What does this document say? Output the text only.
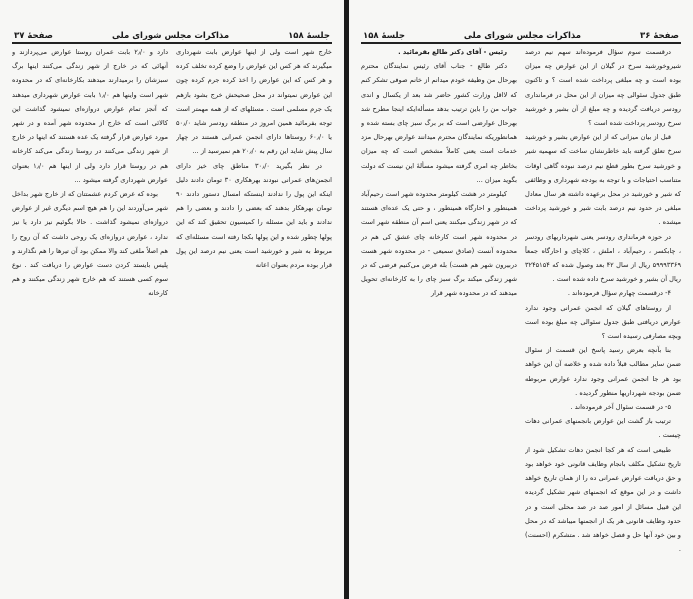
جلسهٔ ۱۵۸
مذاکرات مجلس شورای ملی
صفحهٔ ۳۷

خارج شهر است ولی از اینها عوارض بابت شهرداری میگیرند که هر کس این عوارض را وضع کرده تخلف کرده و هر کس که این عوارض را اخذ کرده جرم کرده چون این عوارض نمیتواند در محل صحیحش خرج بشود بازهم یک جرم مسلمی است . مسئلهای که از همه مهمتر است توجه بفرمائید همین امروز در منطقه رودسر شاید ۵۰٫/۰ یا ۶۰٫/۰ روستاها دارای انجمن عمرانی هستند در چهار سال پیش شاید این رقم به ۲۰٫/۰ هم نمیرسید از ...

در نظر بگیرید ۳۰٫/۰ مناطق چای خیز دارای انجمن‌های عمرانی نبودند بهرهکاری ۳۰ تومان دادند دلیل اینکه این پول را ندادند اینستکه امسال دستور دادند ۹۰ تومان بهرهکار بدهند که بعضی را دادند و بعضی را هم ندادند و باید این مسئله را کمیسیون تحقیق کند که این پولها چطور شده و این پولها بکجا رفته است مسئله‌ای که مربوط به شیر و خورشید است یعنی نیم درصد این پول قرار بوده مردم بعنوان اعانه

دارد و ۲٫/۰ بابت عمران روستا عوارض می‌پردازند و آنهائی که در خارج از شهر زندگی می‌کنند اینها برگ سبزشان را برمیدارند میدهند بکارخانه‌ای که در محدوده شهر است واینها هم ۱٫/۰ بابت عوارض شهرداری میدهند که آنجز تمام عوارض دروازه‌ای نمیشود گذاشت این کالائی است که خارج از محدوده شهر آمده و در شهر مورد عوارض قرار گرفته یک عده هستند که اینها در خارج از شهر زندگی می‌کنند در روستا زندگی می‌کند کارخانه هم در روستا قرار دارد ولی از اینها هم ۱٫/۰ بعنوان عوارض شهرداری گرفته میشود ...

بوده که عرض کردم عشمتتان که از خارج شهر بداخل شهر می‌آوردند این را هم هیچ اسم دیگری غیر از عوارض دروازه‌ای نمیشود گذاشت . حالا بگوئیم نیز دارد یا نیز ندارد ، عوارض دروازه‌ای یک روحی داشت که آن روح را هم اصلاً ملغی کند والا ممکن بود آن تیرها را هم نگذارند و پلیس بایستد کردن دست عوارض را دریافت کند . نوع سوم کسی هستند که هم خارج شهر زندگی میکنند و هم کارخانه

صفحهٔ ۳۶
مذاکرات مجلس شورای ملی
جلسهٔ ۱۵۸

درقسمت سوم سؤال فرموده‌اند سهم نیم درصد شیروخورشید سرخ در گیلان از این عوارض چه میزان بوده است و چه مبلغی پرداخت شده است ؟ و تاکنون طبق جدول سئوالی چه میزان از این محل در فرمانداری رودسر دریافت گردیده و چه مبلغ از آن بشیر و خورشید سرخ رودسر پرداخت شده است ؟

قبل از بیان میزانی که از این عوارض بشیر و خورشید سرخ تعلق گرفته باید خاطرنشان ساخت که سهمیه شیر و خورشید سرخ بطور قطع نیم درصد نبوده گاهی اوقات متناسب احتیاجات و با توجه به بودجه شهرداری و وظائفی که شیر و خورشید در محل برعهده داشته هر سال معادل مبلغی در حدود نیم درصد بابت شیر و خورشید پرداخت میشده .

در حوزه فرمانداری رودسر یعنی شهرداریهای رودسر ، چابکسر ، رحیم‌آباد ، املش ، کلاچای و احارگاه جمعاً ۵۹۹۹۳۳۶۹ ریال از سال ۴۲ بعد وصول شده که ۳۲۴۵۱۵۴ ریال آن بشیر و خورشید سرخ داده شده است .

۴- درقسمت چهارم سؤال فرموده‌اند .

از روستاهای گیلان که انجمن عمرانی وجود ندارد عوارض دریافتی طبق جدول سئوالی چه مبلغ بوده است وبچه مصارفی رسیده است ؟

بنا بآنچه بعرض رسید پاسخ این قسمت از سئوال ضمن سایر مطالب قبلاً داده شده و خلاصه آن این خواهد بود هر جا انجمن عمرانی وجود ندارد عوارض مربوطه ضمن بودجه شهرداریها منظور گردیده .

۵- در قسمت سئوال آخر فرموده‌اند .

ترتیب باز گشت این عوارض بانجمنهای عمرانی دهات چیست .

طبیعی است که هر کجا انجمن دهات تشکیل شود از تاریخ تشکیل مکلف بانجام وظایف قانونی خود خواهد بود و حق دریافت عوارض عمرانی ده را از همان تاریخ خواهد داشت و در این موقع که انجمنهای شهر تشکیل گردیده این قبیل مسائل از امور صد در صد محلی است و در حدود وظایف قانونی هر یک از انجمنها میباشد که در محل و بین خود آنها حل و فصل خواهد شد . متشکرم (احسنت) .

رئیس - آقای دکتر طالع بفرمائید .

دکتر طالع - جناب آقای رئیس نمایندگان محترم بهرحال من وظیفه خودم میدانم از خانم صوفی تشکر کنم که لااقل وزارت کشور حاضر شد بعد از یکسال و اندی جواب من را باین ترتیب بدهد مسأله‌ایکه اینجا مطرح شد بهرحال عوارضی است که بر برگ سبز چای بسته شده و همانطوریکه نمایندگان محترم میدانند عوارض بهرحال مزد خدمات است یعنی کاملاً مشخص است که چه میزان بخاطر چه امری گرفته میشود مسألهٔ این نیست که دولت بگوید میزان ...

کیلومتر در هشت کیلومتر محدوده شهر است رحیم‌آباد همینطور و احارگاه همینطور ، و حتی یک عده‌ای هستند که در شهر زندگی میکنند یعنی اسم آن منطقه شهر است در محدوده شهر است کارخانه چای عشق کی هم در محدوده آنست (صادق سمیعی - در محدوده شهر هست دربیرون شهر هم هست) بله فرض می‌کنیم فرضی که در شهر زندگی میکند برگ سبز چای را به کارخانه‌ای تحویل میدهند که در محدوده شهر قرار
